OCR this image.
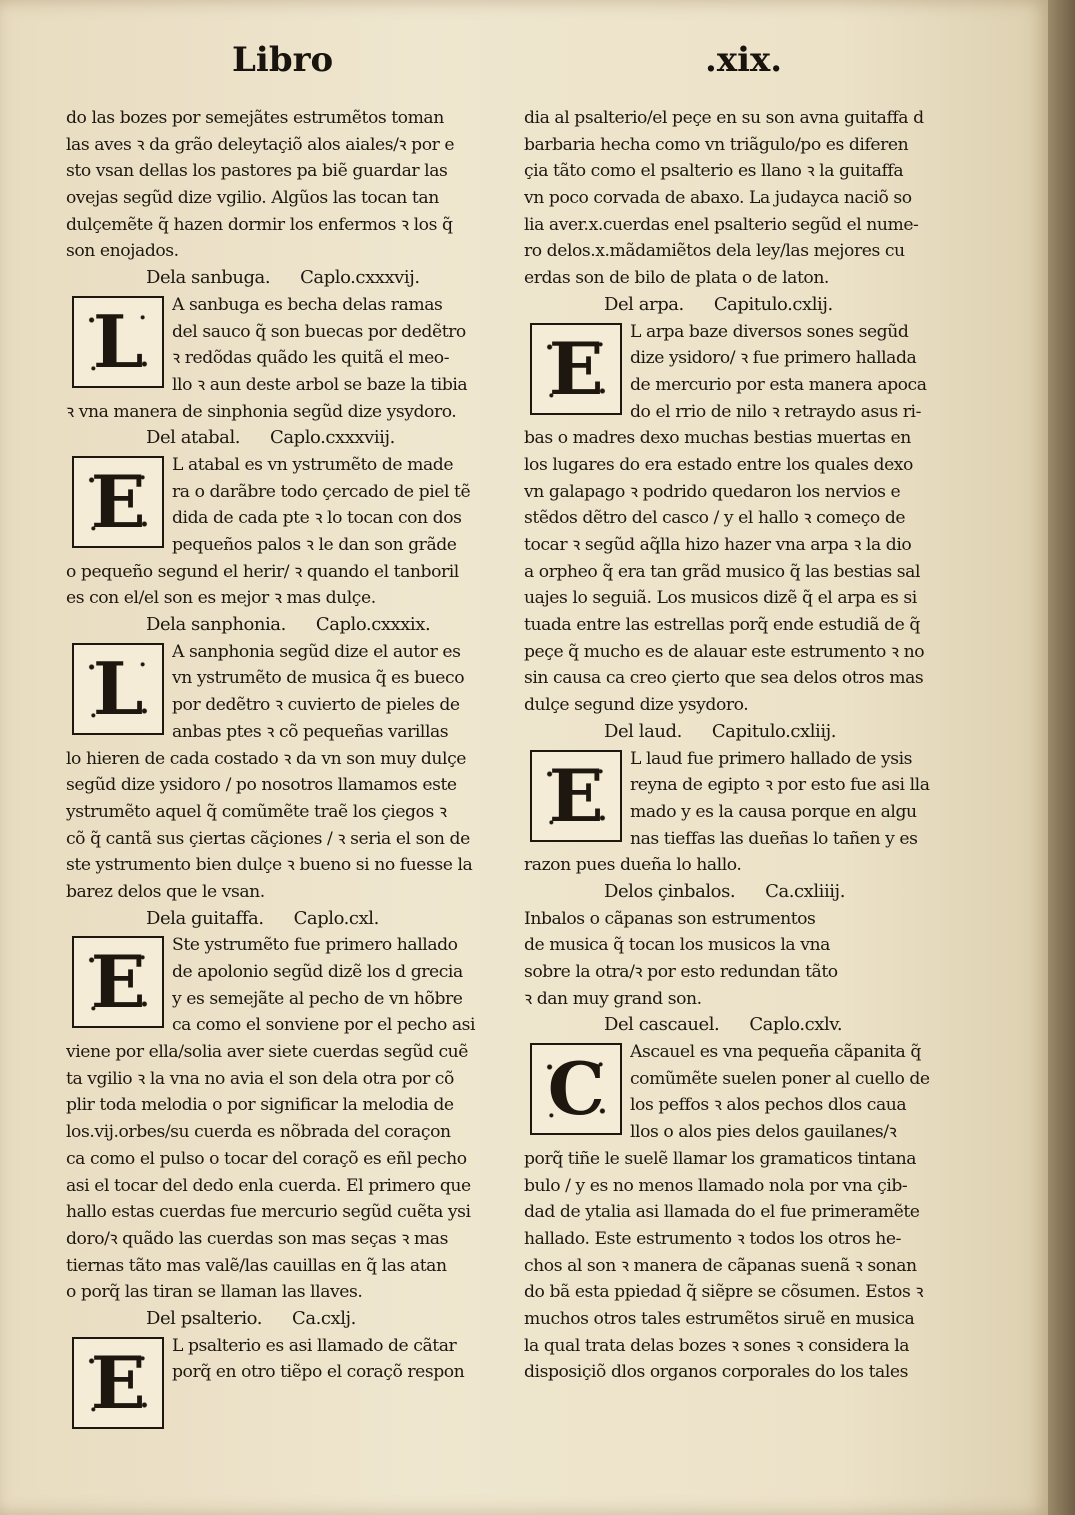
Libro	.xix.
do las bozes por semejãtes estrumẽtos toman
las aves ꝛ da grão deleytaçiõ alos aiales/ꝛ por e
sto vsan dellas los pastores pa biẽ guardar las
ovejas segũd dize vgilio. Algũos las tocan tan
dulçemẽte q̃ hazen dormir los enfermos ꝛ los q̃
son enojados.
Dela sanbuga. Caplo.cxxxvij.
L	A sanbuga es becha delas ramas
del sauco q̃ son buecas por dedẽtro
ꝛ redõdas quãdo les quitã el meo-
llo ꝛ aun deste arbol se baze la tibia
ꝛ vna manera de sinphonia segũd dize ysydoro.
Del atabal. Caplo.cxxxviij.
E	L atabal es vn ystrumẽto de made
ra o darãbre todo çercado de piel tẽ
dida de cada pte ꝛ lo tocan con dos
pequeños palos ꝛ le dan son grãde
o pequeño segund el herir/ ꝛ quando el tanboril
es con el/el son es mejor ꝛ mas dulçe.
Dela sanphonia. Caplo.cxxxix.
L	A sanphonia segũd dize el autor es
vn ystrumẽto de musica q̃ es bueco
por dedẽtro ꝛ cuvierto de pieles de
anbas ptes ꝛ cõ pequeñas varillas
lo hieren de cada costado ꝛ da vn son muy dulçe
segũd dize ysidoro / po nosotros llamamos este
ystrumẽto aquel q̃ comũmẽte traẽ los çiegos ꝛ
cõ q̃ cantã sus çiertas cãçiones / ꝛ seria el son de
ste ystrumento bien dulçe ꝛ bueno si no fuesse la
barez delos que le vsan.
Dela guitaffa. Caplo.cxl.
E	Ste ystrumẽto fue primero hallado
de apolonio segũd dizẽ los d grecia
y es semejãte al pecho de vn hõbre
ca como el sonviene por el pecho asi
viene por ella/solia aver siete cuerdas segũd cuẽ
ta vgilio ꝛ la vna no avia el son dela otra por cõ
plir toda melodia o por significar la melodia de
los.vij.orbes/su cuerda es nõbrada del coraçon
ca como el pulso o tocar del coraçõ es eñl pecho
asi el tocar del dedo enla cuerda. El primero que
hallo estas cuerdas fue mercurio segũd cuẽta ysi
doro/ꝛ quãdo las cuerdas son mas seças ꝛ mas
tiernas tãto mas valẽ/las cauillas en q̃ las atan
o porq̃ las tiran se llaman las llaves.
Del psalterio. Ca.cxlj.
E	L psalterio es asi llamado de cãtar
porq̃ en otro tiẽpo el coraçõ respon
dia al psalterio/el peçe en su son avna guitaffa d
barbaria hecha como vn triãgulo/po es diferen
çia tãto como el psalterio es llano ꝛ la guitaffa
vn poco corvada de abaxo. La judayca naciõ so
lia aver.x.cuerdas enel psalterio segũd el nume-
ro delos.x.mãdamiẽtos dela ley/las mejores cu
erdas son de bilo de plata o de laton.
Del arpa. Capitulo.cxlij.
E	L arpa baze diversos sones segũd
dize ysidoro/ ꝛ fue primero hallada
de mercurio por esta manera apoca
do el rrio de nilo ꝛ retraydo asus ri-
bas o madres dexo muchas bestias muertas en
los lugares do era estado entre los quales dexo
vn galapago ꝛ podrido quedaron los nervios e
stẽdos dẽtro del casco / y el hallo ꝛ começo de
tocar ꝛ segũd aq̃lla hizo hazer vna arpa ꝛ la dio
a orpheo q̃ era tan grãd musico q̃ las bestias sal
uajes lo seguiã. Los musicos dizẽ q̃ el arpa es si
tuada entre las estrellas porq̃ ende estudiã de q̃
peçe q̃ mucho es de alauar este estrumento ꝛ no
sin causa ca creo çierto que sea delos otros mas
dulçe segund dize ysydoro.
Del laud. Capitulo.cxliij.
E	L laud fue primero hallado de ysis
reyna de egipto ꝛ por esto fue asi lla
mado y es la causa porque en algu
nas tieffas las dueñas lo tañen y es
razon pues dueña lo hallo.
Delos çinbalos. Ca.cxliiij.
Inbalos o cãpanas son estrumentos
de musica q̃ tocan los musicos la vna
sobre la otra/ꝛ por esto redundan tãto
ꝛ dan muy grand son.
Del cascauel. Caplo.cxlv.
C	Ascauel es vna pequeña cãpanita q̃
comũmẽte suelen poner al cuello de
los peffos ꝛ alos pechos dlos caua
llos o alos pies delos gauilanes/ꝛ
porq̃ tiñe le suelẽ llamar los gramaticos tintana
bulo / y es no menos llamado nola por vna çib-
dad de ytalia asi llamada do el fue primeramẽte
hallado. Este estrumento ꝛ todos los otros he-
chos al son ꝛ manera de cãpanas suenã ꝛ sonan
do bã esta ppiedad q̃ siẽpre se cõsumen. Estos ꝛ
muchos otros tales estrumẽtos siruẽ en musica
la qual trata delas bozes ꝛ sones ꝛ considera la
disposiçiõ dlos organos corporales do los tales
